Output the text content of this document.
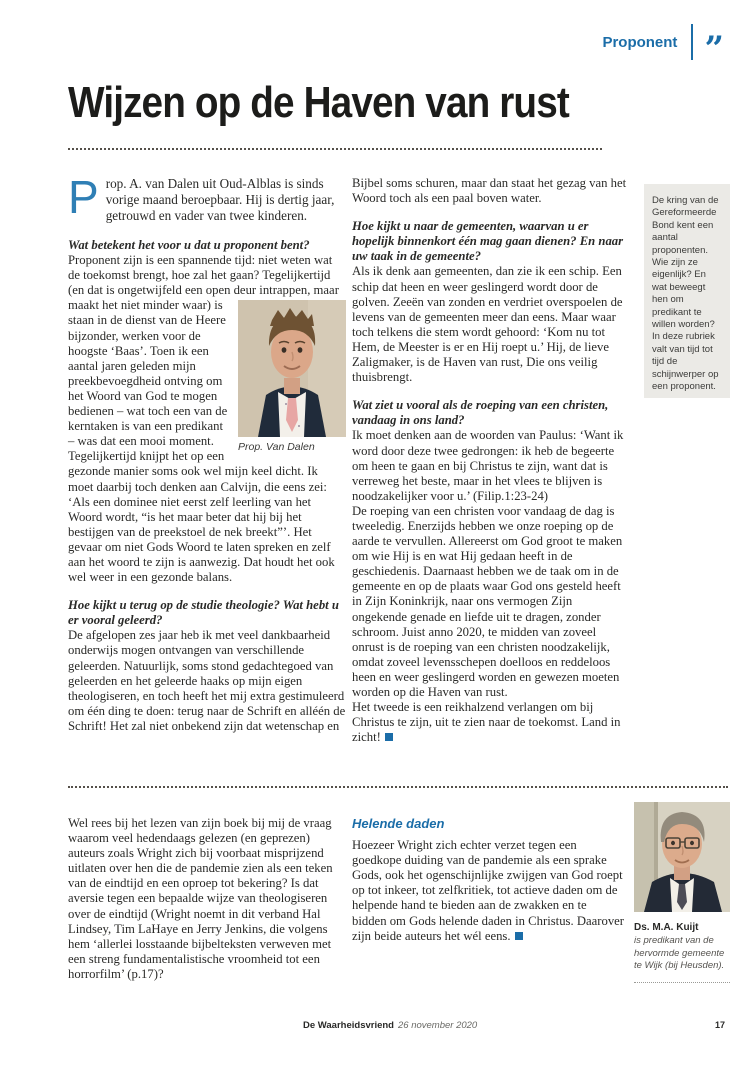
Proponent ”
Wijzen op de Haven van rust
De kring van de Gereformeerde Bond kent een aantal proponenten. Wie zijn ze eigenlijk? En wat beweegt hen om predikant te willen worden? In deze rubriek valt van tijd tot tijd de schijnwerper op een proponent.

Prop. A. van Dalen uit Oud-Alblas is sinds vorige maand beroepbaar. Hij is dertig jaar, getrouwd en vader van twee kinderen.

Wat betekent het voor u dat u proponent bent?

Proponent zijn is een spannende tijd: niet weten wat de toekomst brengt, hoe zal het gaan? Tegelijkertijd (en dat is ongetwijfeld een open deur intrappen, maar

Prop. Van Dalen
maakt het niet minder waar) is staan in de dienst van de Heere bijzonder, werken voor de hoogste ‘Baas’. Toen ik een aantal jaren geleden mijn preekbevoegdheid ontving om het Woord van God te mogen bedienen – wat toch een van de kerntaken is van een predikant – was dat een mooi moment. Tegelijkertijd knijpt het op een gezonde manier soms ook wel mijn keel dicht. Ik moet daarbij toch denken aan Calvijn, die eens zei: ‘Als een dominee niet eerst zelf leerling van het Woord wordt, “is het maar beter dat hij bij het bestijgen van de preekstoel de nek breekt”’. Het gevaar om niet Gods Woord te laten spreken en zelf aan het woord te zijn is aanwezig. Dat houdt het ook wel weer in een gezonde balans.

Hoe kijkt u terug op de studie theologie? Wat hebt u er vooral geleerd?

De afgelopen zes jaar heb ik met veel dankbaarheid onderwijs mogen ontvangen van verschillende geleerden. Natuurlijk, soms stond gedachtegoed van geleerden en het geleerde haaks op mijn eigen theologiseren, en toch heeft het mij extra gestimuleerd om één ding te doen: terug naar de Schrift en alléén de Schrift! Het zal niet onbekend zijn dat wetenschap en

Bijbel soms schuren, maar dan staat het gezag van het Woord toch als een paal boven water.

Hoe kijkt u naar de gemeenten, waarvan u er hopelijk binnenkort één mag gaan dienen? En naar uw taak in de gemeente?

Als ik denk aan gemeenten, dan zie ik een schip. Een schip dat heen en weer geslingerd wordt door de golven. Zeeën van zonden en verdriet overspoelen de levens van de gemeenten meer dan eens. Maar waar toch telkens die stem wordt gehoord: ‘Kom nu tot Hem, de Meester is er en Hij roept u.’ Hij, de lieve Zaligmaker, is de Haven van rust, Die ons veilig thuisbrengt.

Wat ziet u vooral als de roeping van een christen, vandaag in ons land?

Ik moet denken aan de woorden van Paulus: ‘Want ik word door deze twee gedrongen: ik heb de begeerte om heen te gaan en bij Christus te zijn, want dat is verreweg het beste, maar in het vlees te blijven is noodzakelijker voor u.’ (Filip.1:23-24)

De roeping van een christen voor vandaag de dag is tweeledig. Enerzijds hebben we onze roeping op de aarde te vervullen. Allereerst om God groot te maken om wie Hij is en wat Hij gedaan heeft in de geschiedenis. Daarnaast hebben we de taak om in de gemeente en op de plaats waar God ons gesteld heeft in Zijn Koninkrijk, naar ons vermogen Zijn ongekende genade en liefde uit te dragen, zonder schroom. Juist anno 2020, te midden van zoveel onrust is de roeping van een christen noodzakelijk, omdat zoveel levensschepen doelloos en reddeloos heen en weer geslingerd worden en gewezen moeten worden op die Haven van rust.

Het tweede is een reikhalzend verlangen om bij Christus te zijn, uit te zien naar de toekomst. Land in zicht!

Wel rees bij het lezen van zijn boek bij mij de vraag waarom veel hedendaags gelezen (en geprezen) auteurs zoals Wright zich bij voorbaat misprijzend uitlaten over hen die de pandemie zien als een teken van de eindtijd en een oproep tot bekering? Is dat aversie tegen een bepaalde wijze van theologiseren over de eindtijd (Wright noemt in dit verband Hal Lindsey, Tim LaHaye en Jerry Jenkins, die volgens hem ‘allerlei losstaande bijbelteksten verweven met een streng fundamentalistische vroomheid tot een horrorfilm’ (p.17)?

Helende daden

Hoezeer Wright zich echter verzet tegen een goedkope duiding van de pandemie als een sprake Gods, ook het ogenschijnlijke zwijgen van God roept op tot inkeer, tot zelfkritiek, tot actieve daden om de helpende hand te bieden aan de zwakken en te bidden om Gods helende daden in Christus. Daarover zijn beide auteurs het wél eens.

Ds. M.A. Kuijt
is predikant van de hervormde gemeente te Wijk (bij Heusden).
De Waarheidsvriend 26 november 2020	17
